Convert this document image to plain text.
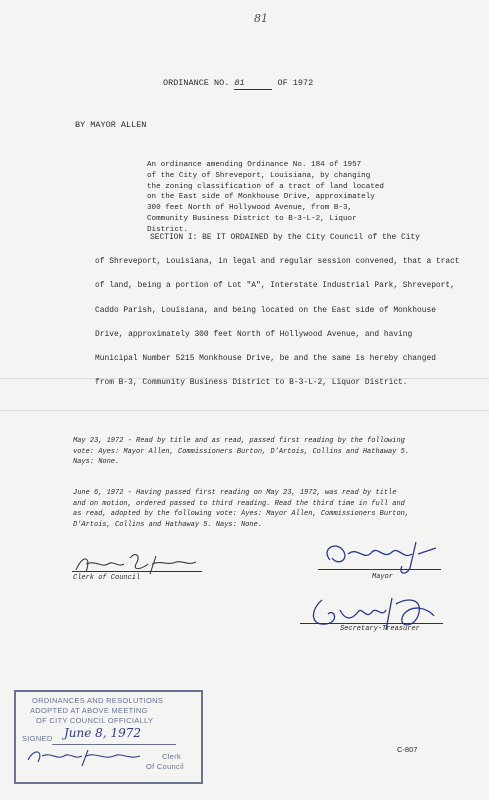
81
ORDINANCE NO. 81	OF 1972
BY MAYOR ALLEN
An ordinance amending Ordinance No. 184 of 1957
of the City of Shreveport, Louisiana, by changing
the zoning classification of a tract of land located
on the East side of Monkhouse Drive, approximately
300 feet North of Hollywood Avenue, from B-3,
Community Business District to B-3-L-2, Liquor
District.
SECTION I: BE IT ORDAINED by the City Council of the City
of Shreveport, Louisiana, in legal and regular session convened, that a tract
of land, being a portion of Lot "A", Interstate Industrial Park, Shreveport,
Caddo Parish, Louisiana, and being located on the East side of Monkhouse
Drive, approximately 300 feet North of Hollywood Avenue, and having
Municipal Number 5215 Monkhouse Drive, be and the same is hereby changed
from B-3, Community Business District to B-3-L-2, Liquor District.
May 23, 1972 - Read by title and as read, passed first reading by the following
vote: Ayes: Mayor Allen, Commissioners Burton, D'Artois, Collins and Hathaway 5.
Nays: None.
June 6, 1972 - Having passed first reading on May 23, 1972, was read by title
and on motion, ordered passed to third reading. Read the third time in full and
as read, adopted by the following vote: Ayes: Mayor Allen, Commissioners Burton,
D'Artois, Collins and Hathaway 5. Nays: None.
Clerk of Council	Mayor
Secretary-Treasurer
ORDINANCES AND RESOLUTIONS
ADOPTED AT ABOVE MEETING
OF CITY COUNCIL OFFICIALLY
SIGNED June 8, 1972
Clerk
Of Council
C-807
